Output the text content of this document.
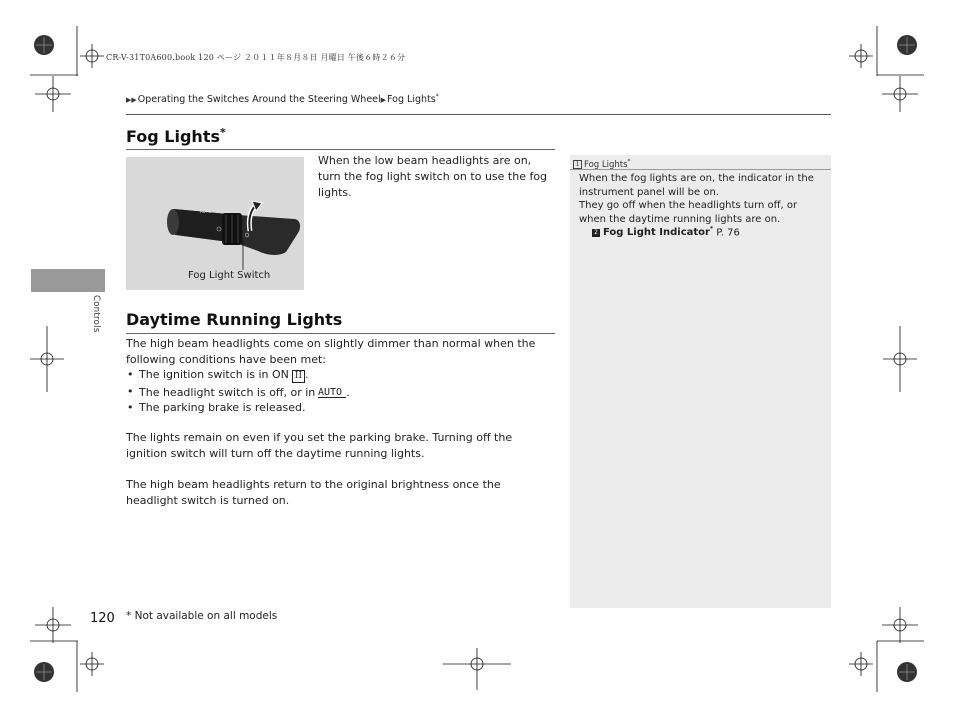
CR-V-31T0A600.book 120 ページ ２０１１年８月８日 月曜日 午後６時２６分
▶▶Operating the Switches Around the Steering Wheel▶Fog Lights*
Controls
Fog Lights*
AUTO
Fog Light Switch
When the low beam headlights are on, turn the fog light switch on to use the fog lights.
Daytime Running Lights
The high beam headlights come on slightly dimmer than normal when the following conditions have been met:
• The ignition switch is in ON II .
• The headlight switch is off, or in AUTO .
• The parking brake is released.
The lights remain on even if you set the parking brake. Turning off the ignition switch will turn off the daytime running lights.
The high beam headlights return to the original brightness once the headlight switch is turned on.
1 Fog Lights*
When the fog lights are on, the indicator in the instrument panel will be on.
They go off when the headlights turn off, or when the daytime running lights are on.
2 Fog Light Indicator* P. 76
120 * Not available on all models
